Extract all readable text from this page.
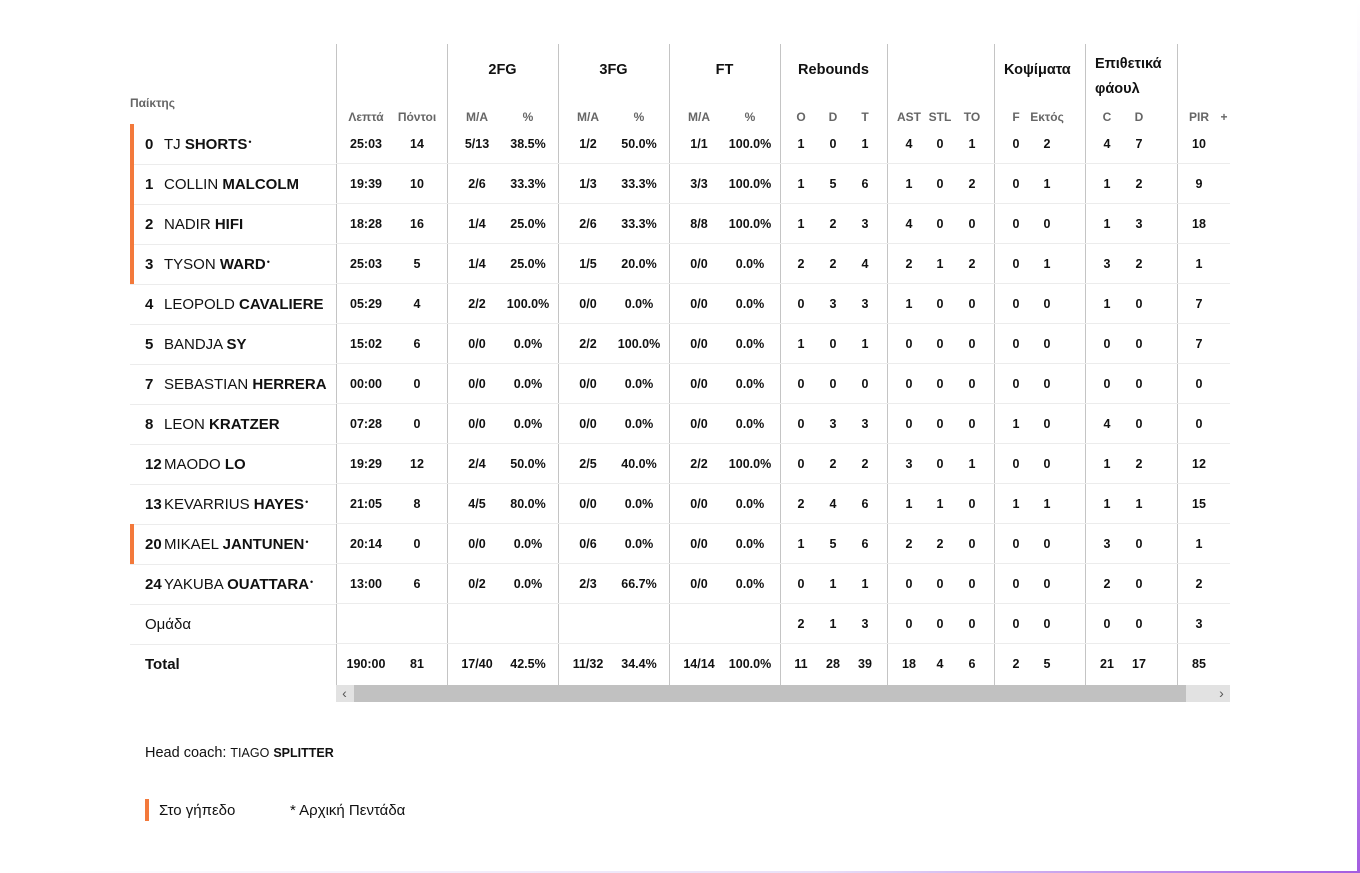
Παίκτης
0 TJ SHORTS•
1 COLLIN MALCOLM
2 NADIR HIFI
3 TYSON WARD•
4 LEOPOLD CAVALIERE
5 BANDJA SY
7 SEBASTIAN HERRERA
8 LEON KRATZER
12 MAODO LO
13 KEVARRIUS HAYES•
20 MIKAEL JANTUNEN•
24 YAKUBA OUATTARA•
Ομάδα
Total
Λεπτά
25:03
19:39
18:28
25:03
05:29
15:02
00:00
07:28
19:29
21:05
20:14
13:00
190:00
Πόντοι
14
10
16
5
4
6
0
0
12
8
0
6
81
2FG
M/A
5/13
2/6
1/4
1/4
2/2
0/0
0/0
0/0
2/4
4/5
0/0
0/2
17/40
%
38.5%
33.3%
25.0%
25.0%
100.0%
0.0%
0.0%
0.0%
50.0%
80.0%
0.0%
0.0%
42.5%
3FG
M/A
1/2
1/3
2/6
1/5
0/0
2/2
0/0
0/0
2/5
0/0
0/6
2/3
11/32
%
50.0%
33.3%
33.3%
20.0%
0.0%
100.0%
0.0%
0.0%
40.0%
0.0%
0.0%
66.7%
34.4%
FT
M/A
1/1
3/3
8/8
0/0
0/0
0/0
0/0
0/0
2/2
0/0
0/0
0/0
14/14
%
100.0%
100.0%
100.0%
0.0%
0.0%
0.0%
0.0%
0.0%
100.0%
0.0%
0.0%
0.0%
100.0%
Rebounds
O
1
1
1
2
0
1
0
0
0
2
1
0
2
11
D
0
5
2
2
3
0
0
3
2
4
5
1
1
28
T
1
6
3
4
3
1
0
3
2
6
6
1
3
39
AST
4
1
4
2
1
0
0
0
3
1
2
0
0
18
STL
0
0
0
1
0
0
0
0
0
1
2
0
0
4
TO
1
2
0
2
0
0
0
0
1
0
0
0
0
6
Κοψίματα
F
0
0
0
0
0
0
0
1
0
1
0
0
0
2
Εκτός
2
1
0
1
0
0
0
0
0
1
0
0
0
5
Επιθετικά φάουλ
C
4
1
1
3
1
0
0
4
1
1
3
2
0
21
D
7
2
3
2
0
0
0
0
2
1
0
0
0
17
PIR
10
9
18
1
7
7
0
0
12
15
1
2
3
85
+
‹	›
Head coach: TIAGO SPLITTER
Στο γήπεδο	* Αρχική Πεντάδα
